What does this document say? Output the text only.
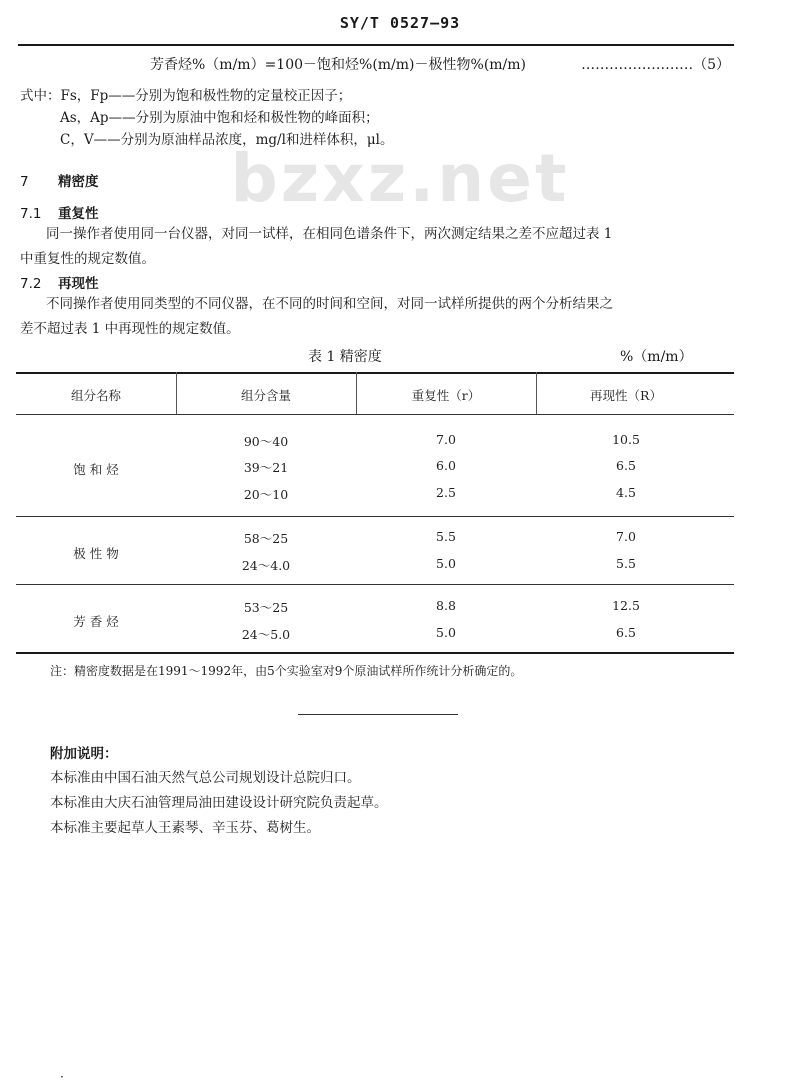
SY/T 0527—93
芳香烃%（m/m）=100－饱和烃%(m/m)－极性物%(m/m)	……………………（5）
式中：Fs，Fp——分别为饱和极性物的定量校正因子；
As，Ap——分别为原油中饱和烃和极性物的峰面积；
C，V——分别为原油样品浓度，mg/l和进样体积，μl。
bzxz.net
7 精密度
7.1 重复性
同一操作者使用同一台仪器，对同一试样，在相同色谱条件下，两次测定结果之差不应超过表 1
中重复性的规定数值。
7.2 再现性
不同操作者使用同类型的不同仪器，在不同的时间和空间，对同一试样所提供的两个分析结果之
差不超过表 1 中再现性的规定数值。
表 1 精密度	%（m/m）
组分名称	组分含量	重复性（r）	再现性（R）
饱 和 烃
90～40	7.0	10.5
39～21	6.0	6.5
20～10	2.5	4.5
极 性 物
58～25	5.5	7.0
24～4.0	5.0	5.5
芳 香 烃
53～25	8.8	12.5
24～5.0	5.0	6.5
注：精密度数据是在1991～1992年，由5个实验室对9个原油试样所作统计分析确定的。
附加说明：
本标准由中国石油天然气总公司规划设计总院归口。
本标准由大庆石油管理局油田建设设计研究院负责起草。
本标准主要起草人王素琴、辛玉芬、葛树生。
·
